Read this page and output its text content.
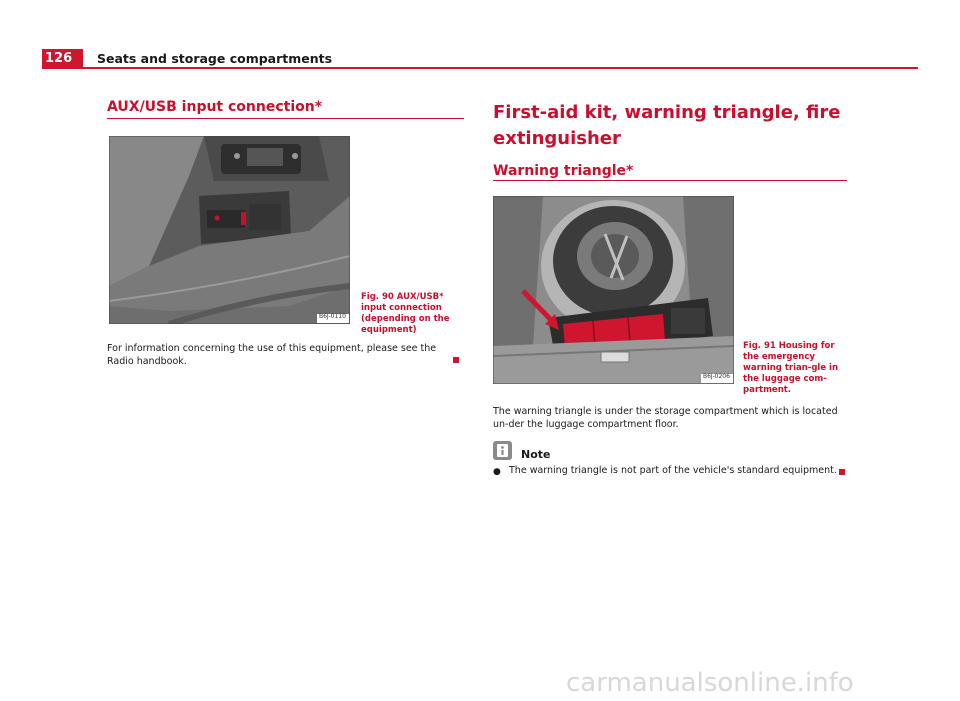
126	Seats and storage compartments
AUX/USB input connection*
B6J-0110
Fig. 90 AUX/USB* input connection (depending on the equipment)
For information concerning the use of this equipment, please see the Radio handbook.
First-aid kit, warning triangle, fire extinguisher
Warning triangle*
B6J-0206
Fig. 91 Housing for the emergency warning trian-gle in the luggage com-partment.
The warning triangle is under the storage compartment which is located un-der the luggage compartment floor.
Note
● The warning triangle is not part of the vehicle's standard equipment.
carmanualsonline.info
